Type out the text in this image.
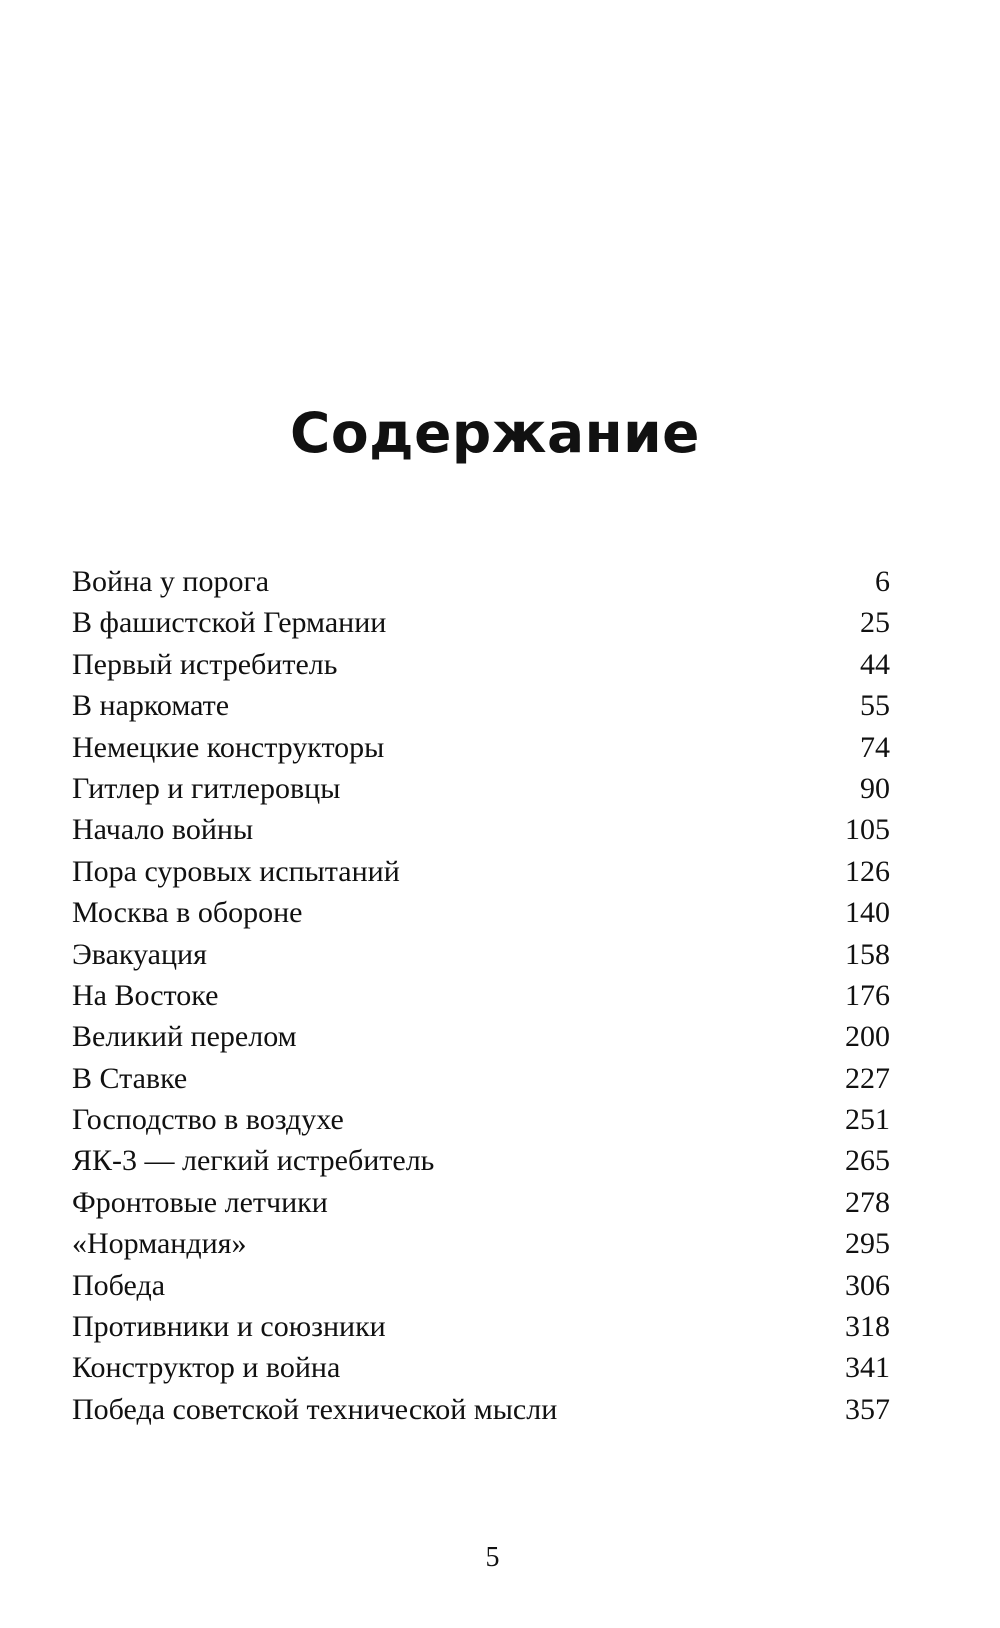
Содержание
Война у порога	6
В фашистской Германии	25
Первый истребитель	44
В наркомате	55
Немецкие конструкторы	74
Гитлер и гитлеровцы	90
Начало войны	105
Пора суровых испытаний	126
Москва в обороне	140
Эвакуация	158
На Востоке	176
Великий перелом	200
В Ставке	227
Господство в воздухе	251
ЯК-3 — легкий истребитель	265
Фронтовые летчики	278
«Нормандия»	295
Победа	306
Противники и союзники	318
Конструктор и война	341
Победа советской технической мысли	357
5
